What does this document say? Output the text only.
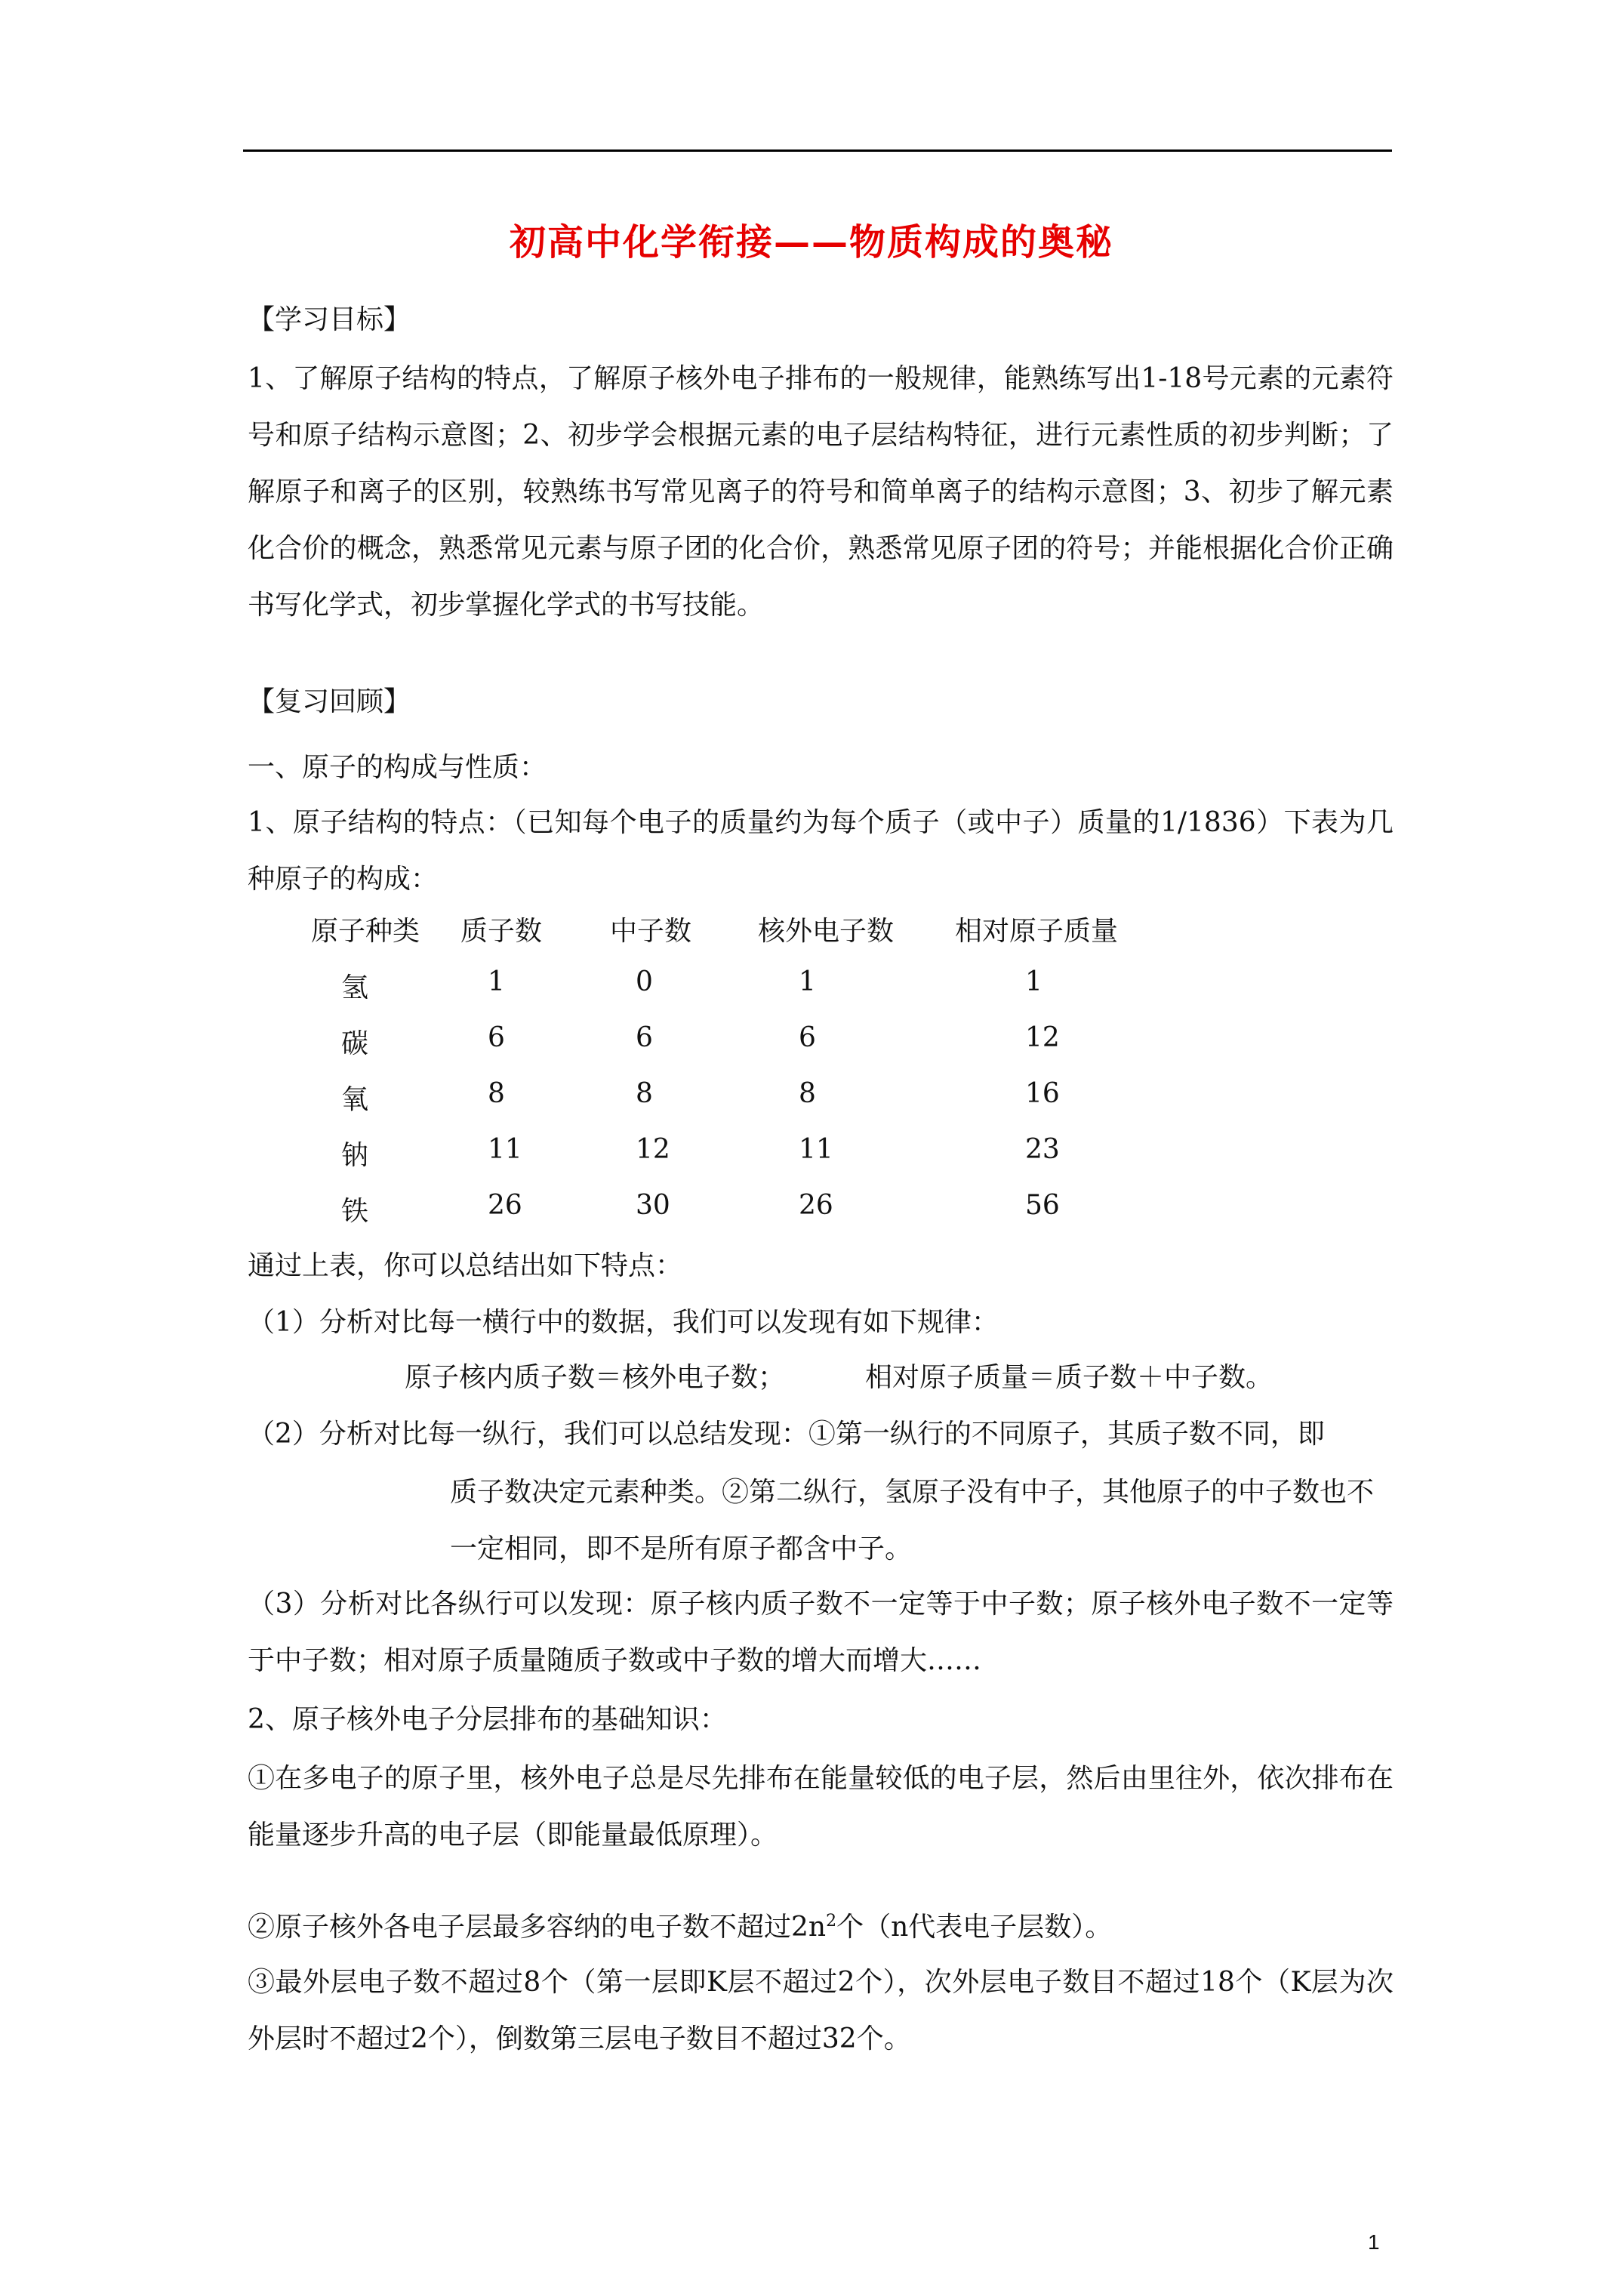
初高中化学衔接——物质构成的奥秘
【学习目标】
1、了解原子结构的特点，了解原子核外电子排布的一般规律，能熟练写出1-18号元素的元素符号和原子结构示意图；2、初步学会根据元素的电子层结构特征，进行元素性质的初步判断；了解原子和离子的区别，较熟练书写常见离子的符号和简单离子的结构示意图；3、初步了解元素化合价的概念，熟悉常见元素与原子团的化合价，熟悉常见原子团的符号；并能根据化合价正确书写化学式，初步掌握化学式的书写技能。
【复习回顾】
一、原子的构成与性质：
1、原子结构的特点：（已知每个电子的质量约为每个质子（或中子）质量的1/1836）下表为几种原子的构成：
原子种类 质子数 中子数 核外电子数 相对原子质量
氢	1	0	1	1
碳	6	6	6	12
氧	8	8	8	16
钠	11	12	11	23
铁	26	30	26	56
通过上表，你可以总结出如下特点：
（1）分析对比每一横行中的数据，我们可以发现有如下规律：
原子核内质子数＝核外电子数；	相对原子质量＝质子数＋中子数。
（2）分析对比每一纵行，我们可以总结发现：①第一纵行的不同原子，其质子数不同，即
质子数决定元素种类。②第二纵行，氢原子没有中子，其他原子的中子数也不一定相同，即不是所有原子都含中子。
（3）分析对比各纵行可以发现：原子核内质子数不一定等于中子数；原子核外电子数不一定等于中子数；相对原子质量随质子数或中子数的增大而增大……
2、原子核外电子分层排布的基础知识：
①在多电子的原子里，核外电子总是尽先排布在能量较低的电子层，然后由里往外，依次排布在能量逐步升高的电子层（即能量最低原理）。
②原子核外各电子层最多容纳的电子数不超过$2n^2$个（n代表电子层数）。
③最外层电子数不超过8个（第一层即K层不超过2个），次外层电子数目不超过18个（K层为次外层时不超过2个），倒数第三层电子数目不超过32个。
1
